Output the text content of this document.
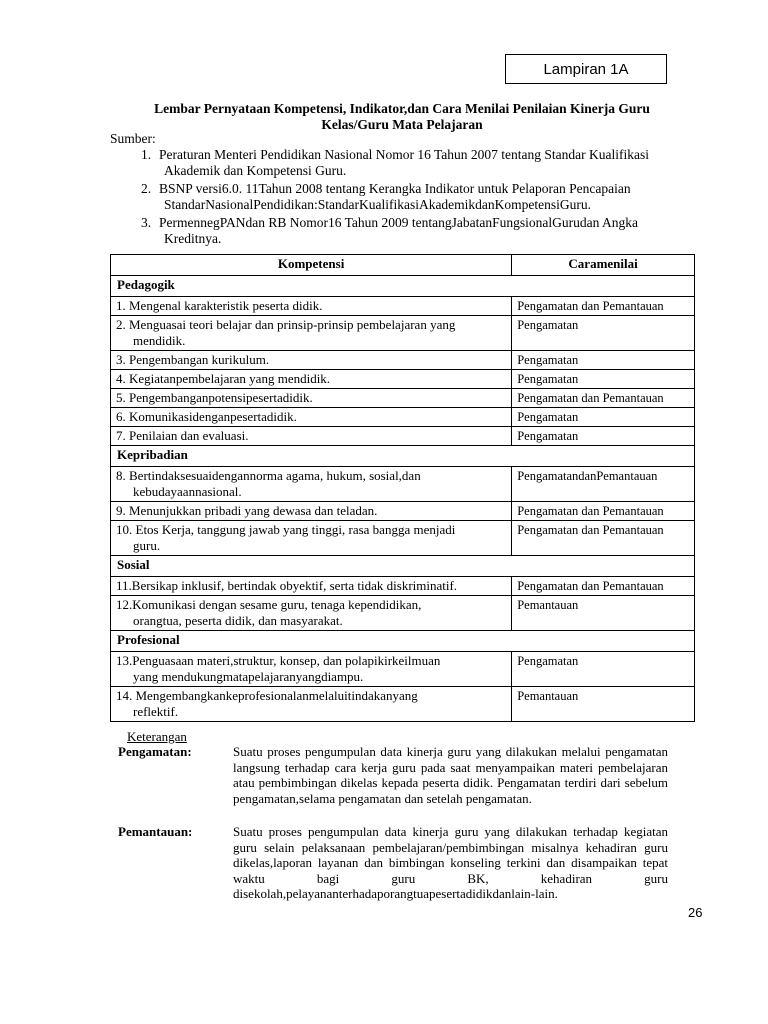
Lampiran 1A
Lembar Pernyataan Kompetensi, Indikator,dan Cara Menilai Penilaian Kinerja Guru
Kelas/Guru Mata Pelajaran
Sumber:
1. Peraturan Menteri Pendidikan Nasional Nomor 16 Tahun 2007 tentang Standar Kualifikasi
Akademik dan Kompetensi Guru.
2. BSNP versi6.0. 11Tahun 2008 tentang Kerangka Indikator untuk Pelaporan Pencapaian
StandarNasionalPendidikan:StandarKualifikasiAkademikdanKompetensiGuru.
3. PermennegPANdan RB Nomor16 Tahun 2009 tentangJabatanFungsionalGurudan Angka
Kreditnya.
Kompetensi	Caramenilai
Pedagogik	
1. Mengenal karakteristik peserta didik.	Pengamatan dan Pemantauan
2. Menguasai teori belajar dan prinsip-prinsip pembelajaran yang
mendidik.	Pengamatan
3. Pengembangan kurikulum.	Pengamatan
4. Kegiatanpembelajaran yang mendidik.	Pengamatan
5. Pengembanganpotensipesertadidik.	Pengamatan dan Pemantauan
6. Komunikasidenganpesertadidik.	Pengamatan
7. Penilaian dan evaluasi.	Pengamatan
Kepribadian	
8. Bertindaksesuaidengannorma agama, hukum, sosial,dan
kebudayaannasional.	PengamatandanPemantauan
9. Menunjukkan pribadi yang dewasa dan teladan.	Pengamatan dan Pemantauan
10. Etos Kerja, tanggung jawab yang tinggi, rasa bangga menjadi
guru.	Pengamatan dan Pemantauan
Sosial	
11.Bersikap inklusif, bertindak obyektif, serta tidak diskriminatif.	Pengamatan dan Pemantauan
12.Komunikasi dengan sesame guru, tenaga kependidikan,
orangtua, peserta didik, dan masyarakat.	Pemantauan
Profesional	
13.Penguasaan materi,struktur, konsep, dan polapikirkeilmuan
yang mendukungmatapelajaranyangdiampu.	Pengamatan
14. Mengembangkankeprofesionalanmelaluitindakanyang
reflektif.	Pemantauan
Keterangan
Pengamatan:	Suatu proses pengumpulan data kinerja guru yang dilakukan melalui pengamatan langsung terhadap cara kerja guru pada saat menyampaikan materi pembelajaran atau pembimbingan dikelas kepada peserta didik. Pengamatan terdiri dari sebelum pengamatan,selama pengamatan dan setelah pengamatan.
Pemantauan:	Suatu proses pengumpulan data kinerja guru yang dilakukan terhadap kegiatan guru selain pelaksanaan pembelajaran/pembimbingan misalnya kehadiran guru dikelas,laporan layanan dan bimbingan konseling terkini dan disampaikan tepat waktu bagi guru BK, kehadiran guru disekolah,pelayananterhadaporangtuapesertadidikdanlain-lain.
26
